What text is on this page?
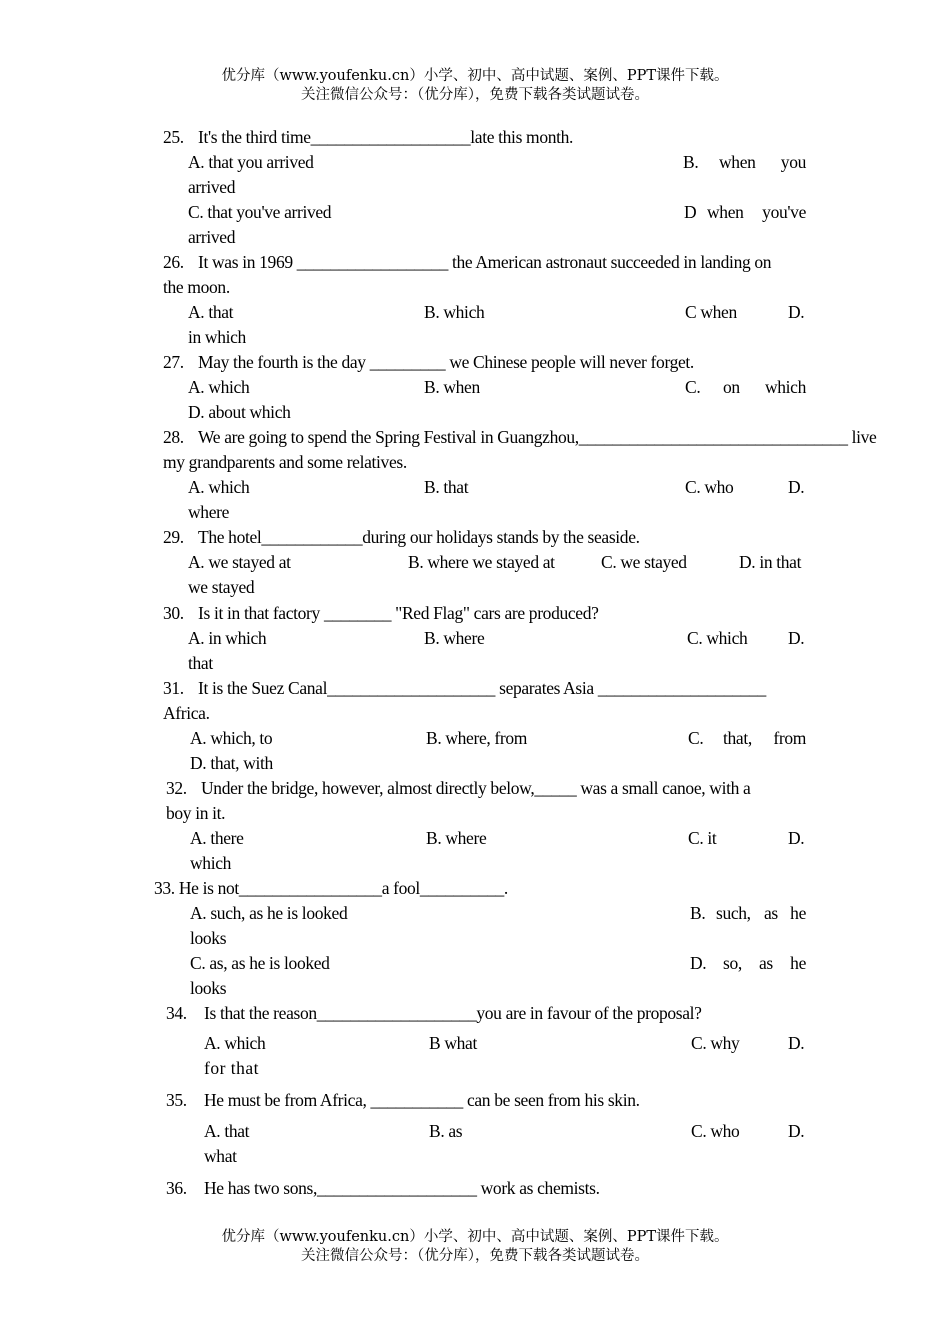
优分库（www.youfenku.cn）小学、初中、高中试题、案例、PPT课件下载。
关注微信公众号：（优分库），免费下载各类试题试卷。
25. It's the third time___________________late this month.
A. that you arrived	B. when you
arrived
C. that you've arrived	D when you've
arrived
26. It was in 1969 __________________ the American astronaut succeeded in landing on
the moon.
A. that	B. which	C when	D.
in which
27. May the fourth is the day _________ we Chinese people will never forget.
A. which	B. when	C. on which
D. about which
28. We are going to spend the Spring Festival in Guangzhou,________________________________ live
my grandparents and some relatives.
A. which	B. that	C. who	D.
where
29. The hotel____________during our holidays stands by the seaside.
A. we stayed at	B. where we stayed at	C. we stayed	D. in that
we stayed
30. Is it in that factory ________ "Red Flag" cars are produced?
A. in which	B. where	C. which D.
that
31. It is the Suez Canal____________________ separates Asia ____________________
Africa.
A. which, to	B. where, from	C. that, from
D. that, with
32. Under the bridge, however, almost directly below,_____ was a small canoe, with a
boy in it.
A. there	B. where	C. it	D.
which
33. He is not_________________a fool__________.
A. such, as he is looked	B. such, as he
looks
C. as, as he is looked	D. so, as he
looks
34. Is that the reason___________________you are in favour of the proposal?
A. which	B what	C. why	D.
for that
35. He must be from Africa, ___________ can be seen from his skin.
A. that	B. as	C. who	D.
what
36. He has two sons,___________________ work as chemists.
优分库（www.youfenku.cn）小学、初中、高中试题、案例、PPT课件下载。
关注微信公众号：（优分库），免费下载各类试题试卷。
